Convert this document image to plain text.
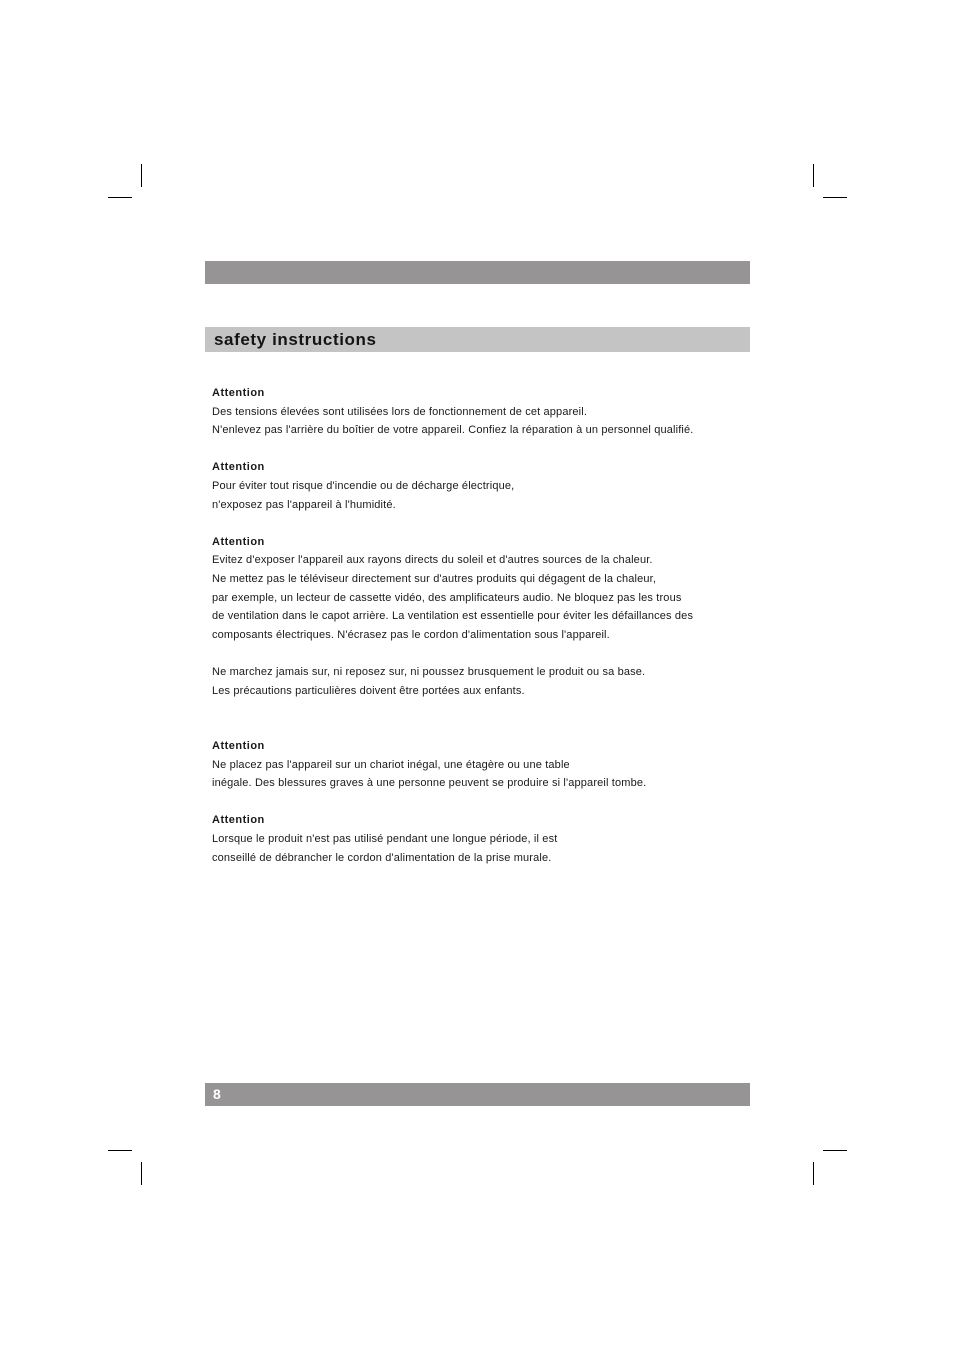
safety instructions

Attention

Des tensions élevées sont utilisées lors de fonctionnement de cet appareil.

N'enlevez pas l'arrière du boîtier de votre appareil. Confiez la réparation à un personnel qualifié.

Attention

Pour éviter tout risque d'incendie ou de décharge électrique,

n'exposez pas l'appareil à l'humidité.

Attention

Evitez d'exposer l'appareil aux rayons directs du soleil et d'autres sources de la chaleur.

Ne mettez pas le téléviseur directement sur d'autres produits qui dégagent de la chaleur,

par exemple, un lecteur de cassette vidéo, des amplificateurs audio. Ne bloquez pas les trous

de ventilation dans le capot arrière. La ventilation est essentielle pour éviter les défaillances des

composants électriques. N'écrasez pas le cordon d'alimentation sous l'appareil.

Ne marchez jamais sur, ni reposez sur, ni poussez brusquement le produit ou sa base.

Les précautions particulières doivent être portées aux enfants.

Attention

Ne placez pas l'appareil sur un chariot inégal, une étagère ou une table

inégale. Des blessures graves à une personne peuvent se produire si l'appareil tombe.

Attention

Lorsque le produit n'est pas utilisé pendant une longue période, il est

conseillé de débrancher le cordon d'alimentation de la prise murale.

8
